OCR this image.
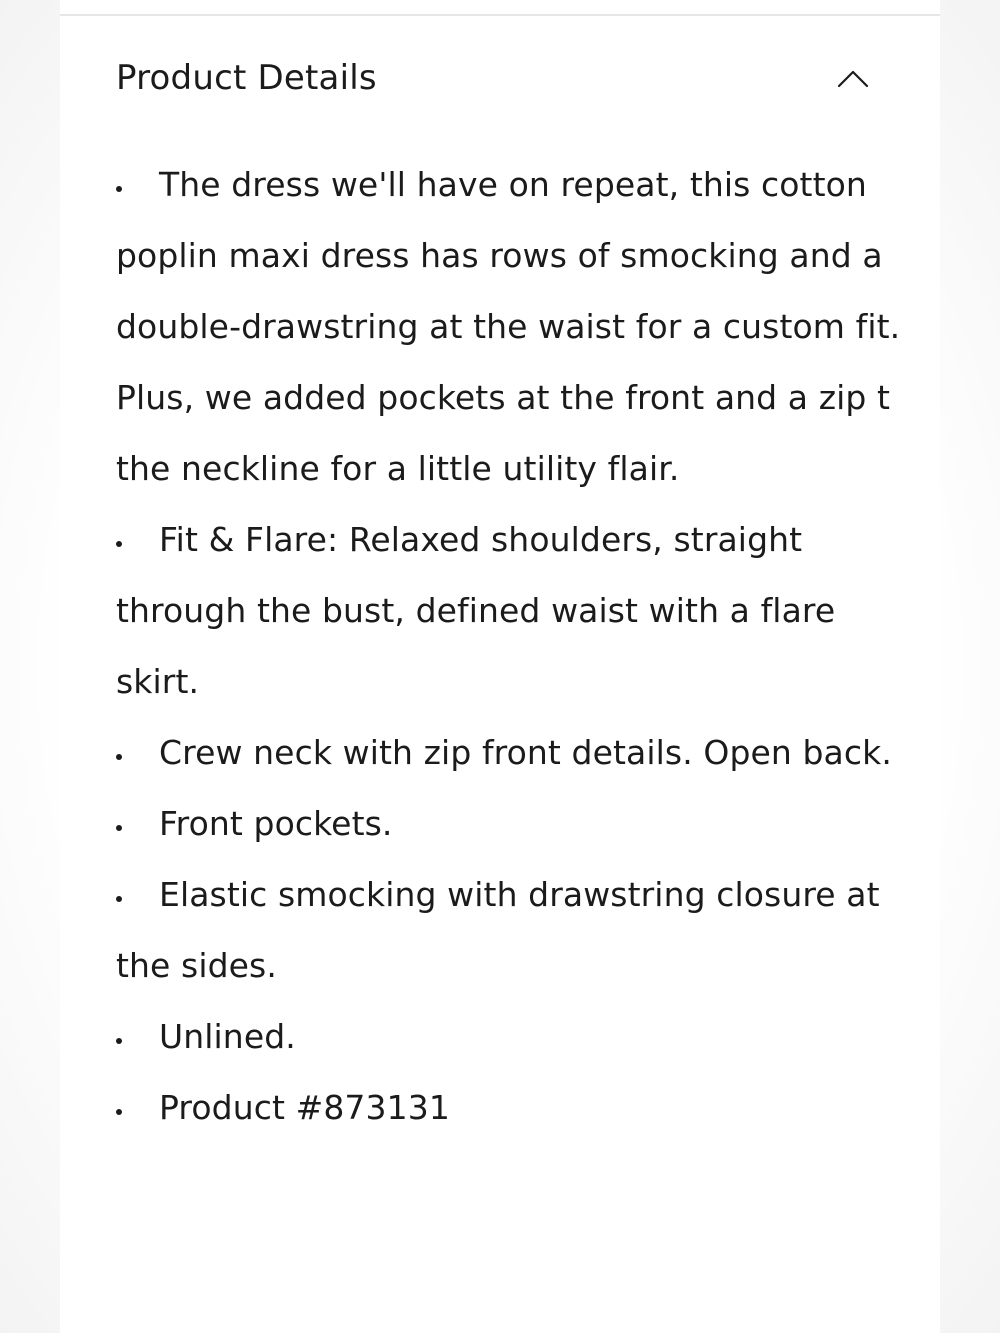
Product Details
The dress we'll have on repeat, this cotton poplin maxi dress has rows of smocking and a double-drawstring at the waist for a custom fit. Plus, we added pockets at the front and a zip t the neckline for a little utility flair.
Fit & Flare: Relaxed shoulders, straight through the bust, defined waist with a flare skirt.
Crew neck with zip front details. Open back.
Front pockets.
Elastic smocking with drawstring closure at the sides.
Unlined.
Product #873131
